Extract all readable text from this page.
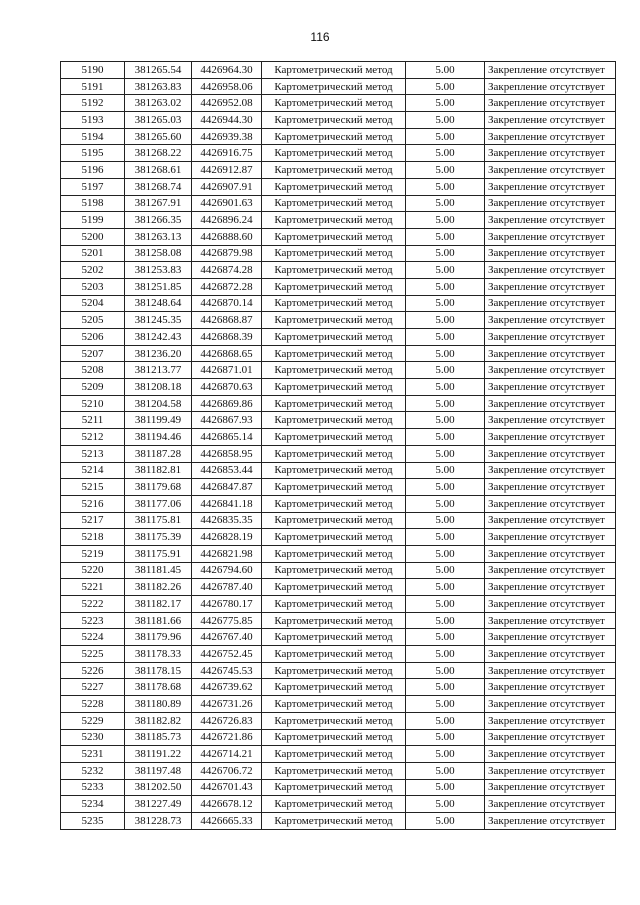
116
5190	381265.54	4426964.30	Картометрический метод	5.00	Закрепление отсутствует
5191	381263.83	4426958.06	Картометрический метод	5.00	Закрепление отсутствует
5192	381263.02	4426952.08	Картометрический метод	5.00	Закрепление отсутствует
5193	381265.03	4426944.30	Картометрический метод	5.00	Закрепление отсутствует
5194	381265.60	4426939.38	Картометрический метод	5.00	Закрепление отсутствует
5195	381268.22	4426916.75	Картометрический метод	5.00	Закрепление отсутствует
5196	381268.61	4426912.87	Картометрический метод	5.00	Закрепление отсутствует
5197	381268.74	4426907.91	Картометрический метод	5.00	Закрепление отсутствует
5198	381267.91	4426901.63	Картометрический метод	5.00	Закрепление отсутствует
5199	381266.35	4426896.24	Картометрический метод	5.00	Закрепление отсутствует
5200	381263.13	4426888.60	Картометрический метод	5.00	Закрепление отсутствует
5201	381258.08	4426879.98	Картометрический метод	5.00	Закрепление отсутствует
5202	381253.83	4426874.28	Картометрический метод	5.00	Закрепление отсутствует
5203	381251.85	4426872.28	Картометрический метод	5.00	Закрепление отсутствует
5204	381248.64	4426870.14	Картометрический метод	5.00	Закрепление отсутствует
5205	381245.35	4426868.87	Картометрический метод	5.00	Закрепление отсутствует
5206	381242.43	4426868.39	Картометрический метод	5.00	Закрепление отсутствует
5207	381236.20	4426868.65	Картометрический метод	5.00	Закрепление отсутствует
5208	381213.77	4426871.01	Картометрический метод	5.00	Закрепление отсутствует
5209	381208.18	4426870.63	Картометрический метод	5.00	Закрепление отсутствует
5210	381204.58	4426869.86	Картометрический метод	5.00	Закрепление отсутствует
5211	381199.49	4426867.93	Картометрический метод	5.00	Закрепление отсутствует
5212	381194.46	4426865.14	Картометрический метод	5.00	Закрепление отсутствует
5213	381187.28	4426858.95	Картометрический метод	5.00	Закрепление отсутствует
5214	381182.81	4426853.44	Картометрический метод	5.00	Закрепление отсутствует
5215	381179.68	4426847.87	Картометрический метод	5.00	Закрепление отсутствует
5216	381177.06	4426841.18	Картометрический метод	5.00	Закрепление отсутствует
5217	381175.81	4426835.35	Картометрический метод	5.00	Закрепление отсутствует
5218	381175.39	4426828.19	Картометрический метод	5.00	Закрепление отсутствует
5219	381175.91	4426821.98	Картометрический метод	5.00	Закрепление отсутствует
5220	381181.45	4426794.60	Картометрический метод	5.00	Закрепление отсутствует
5221	381182.26	4426787.40	Картометрический метод	5.00	Закрепление отсутствует
5222	381182.17	4426780.17	Картометрический метод	5.00	Закрепление отсутствует
5223	381181.66	4426775.85	Картометрический метод	5.00	Закрепление отсутствует
5224	381179.96	4426767.40	Картометрический метод	5.00	Закрепление отсутствует
5225	381178.33	4426752.45	Картометрический метод	5.00	Закрепление отсутствует
5226	381178.15	4426745.53	Картометрический метод	5.00	Закрепление отсутствует
5227	381178.68	4426739.62	Картометрический метод	5.00	Закрепление отсутствует
5228	381180.89	4426731.26	Картометрический метод	5.00	Закрепление отсутствует
5229	381182.82	4426726.83	Картометрический метод	5.00	Закрепление отсутствует
5230	381185.73	4426721.86	Картометрический метод	5.00	Закрепление отсутствует
5231	381191.22	4426714.21	Картометрический метод	5.00	Закрепление отсутствует
5232	381197.48	4426706.72	Картометрический метод	5.00	Закрепление отсутствует
5233	381202.50	4426701.43	Картометрический метод	5.00	Закрепление отсутствует
5234	381227.49	4426678.12	Картометрический метод	5.00	Закрепление отсутствует
5235	381228.73	4426665.33	Картометрический метод	5.00	Закрепление отсутствует
